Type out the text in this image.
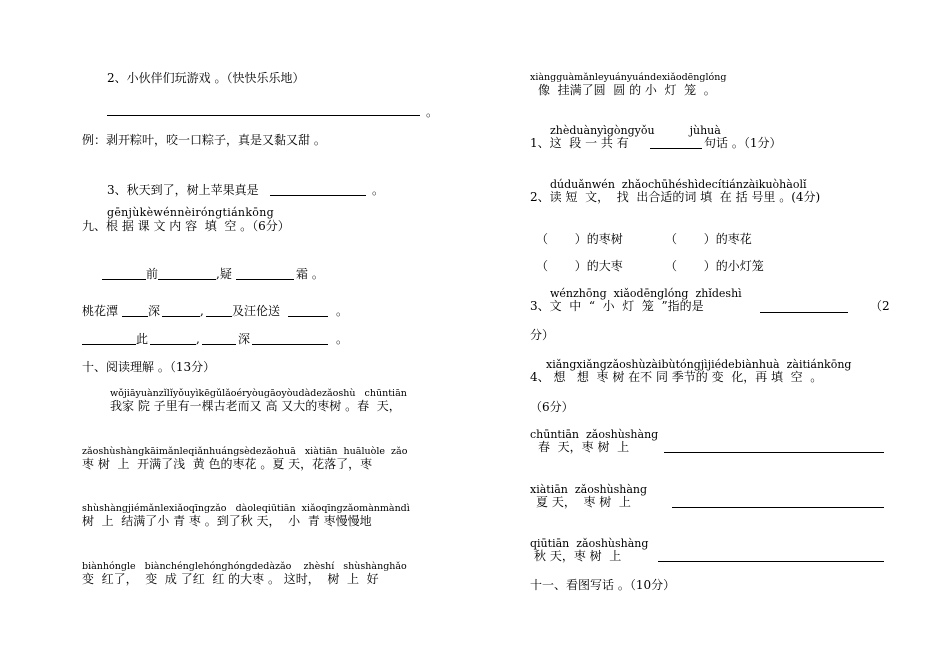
2、小伙伴们玩游戏 。（快快乐乐地）
。
例：剥开粽叶，咬一口粽子，真是又黏又甜 。
3、秋天到了，树上苹果真是	。
gēnjùkèwénnèiróngtiánkōng
九、根 据 课 文 内 容  填  空 。（6分）
前	,疑	霜 。
桃花潭 深	, 及汪伦送	。
此	,	深	。
十、阅读理解 。（13分）
wǒjiāyuànzǐlǐyǒuyìkēgǔlǎoéryòugāoyòudàdezǎoshù   chūntiān
我家 院 子里有一棵古老而又 高 又大的枣树 。春  天，
zǎoshùshàngkāimǎnleqiǎnhuángsèdezǎohuā   xiàtiān  huāluòle  zǎo
枣 树  上  开满了浅  黄 色的枣花 。夏 天，花落了，枣
shùshàngjiémǎnlexiǎoqīngzǎo   dàoleqiūtiān  xiǎoqīngzǎomànmàndì
树  上  结满了小 青 枣 。到了秋 天，  小  青 枣慢慢地
biànhóngle   biànchénglehónghóngdedàzǎo    zhèshí   shùshànghǎo
变  红了，  变  成 了红  红 的大枣 。 这时，  树  上  好
xiàngguàmǎnleyuányuándexiǎodēnglóng
像  挂满了圆  圆 的 小  灯  笼  。
zhèduànyìgòngyǒu          jùhuà
1、这  段 一 共 有	句话 。（1分）
dúduǎnwén  zhǎochūhéshìdecítiánzàikuòhàolǐ
2、读 短  文，  找  出合适的词 填  在 括 号里 。(4分)
（       ）的枣树	（       ）的枣花
（       ）的大枣	（       ）的小灯笼
wénzhōng  xiǎodēnglóng  zhǐdeshì
3、文  中  “  小  灯  笼  ”指的是	（2
分）
xiǎngxiǎngzǎoshùzàibùtóngjìjiédebiànhuà  zàitiánkōng
4、 想   想  枣 树 在不 同 季节的 变  化，再 填  空  。
（6分）
chūntiān  zǎoshùshàng
春  天，枣 树  上
xiàtiān  zǎoshùshàng
夏 天，  枣 树  上
qiūtiān  zǎoshùshàng
秋 天，枣 树  上
十一、看图写话 。（10分）
